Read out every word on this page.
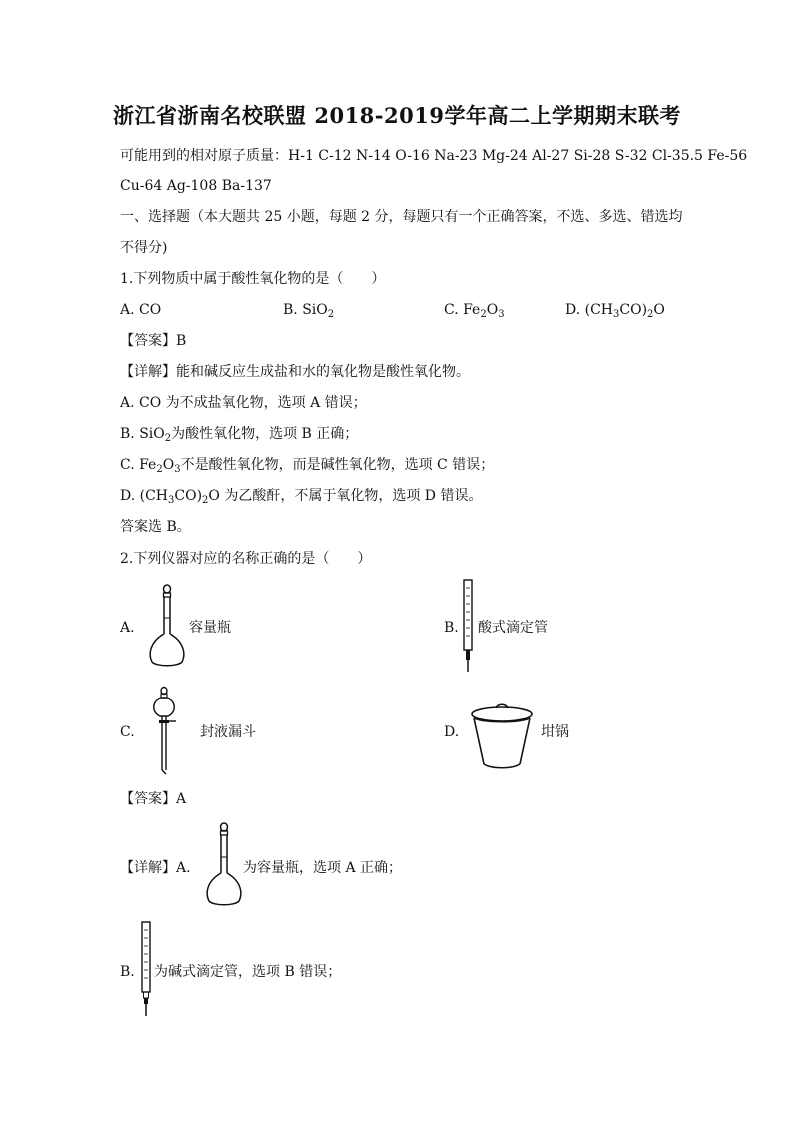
浙江省浙南名校联盟 2018-2019学年高二上学期期末联考
可能用到的相对原子质量：H-1 C-12 N-14 O-16 Na-23 Mg-24 Al-27 Si-28 S-32 Cl-35.5 Fe-56
Cu-64 Ag-108 Ba-137
一、选择题（本大题共 25 小题，每题 2 分，每题只有一个正确答案，不选、多选、错选均
不得分)
1.下列物质中属于酸性氧化物的是（　　）
A. CO	B. SiO$_2$	C. $Fe_2O_3$	D. $(CH_3CO)_2O$
【答案】B
【详解】能和碱反应生成盐和水的氧化物是酸性氧化物。
A. CO 为不成盐氧化物，选项 A 错误；
B. SiO$_2$为酸性氧化物，选项 B 正确；
C. $Fe_2O_3$不是酸性氧化物，而是碱性氧化物，选项 C 错误；
D. $(CH_3CO)_2O$ 为乙酸酐，不属于氧化物，选项 D 错误。
答案选 B。
2.下列仪器对应的名称正确的是（　　）
A.	容量瓶	B. 酸式滴定管
C.	封液漏斗	D.	坩锅
【答案】A
【详解】A.	为容量瓶，选项 A 正确；
B. 为碱式滴定管，选项 B 错误；
